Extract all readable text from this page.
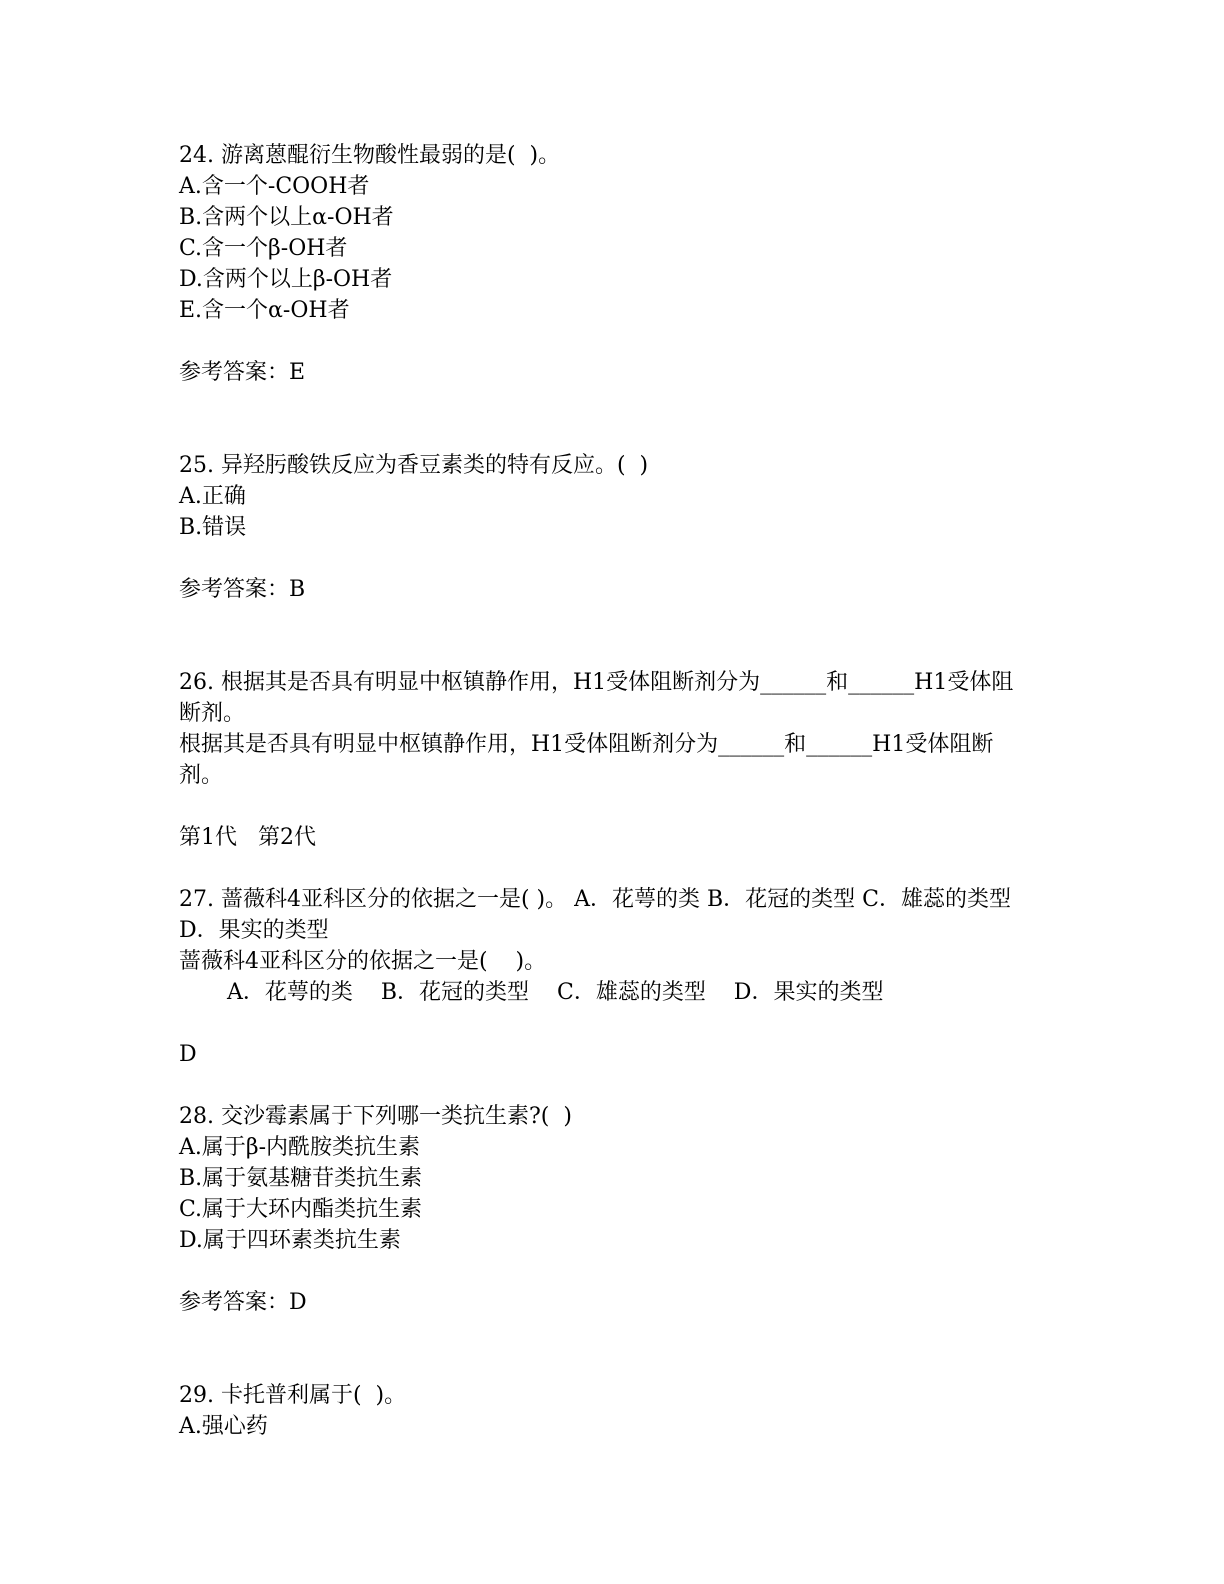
24. 游离蒽醌衍生物酸性最弱的是(  )。

A.含一个-COOH者

B.含两个以上α-OH者

C.含一个β-OH者

D.含两个以上β-OH者

E.含一个α-OH者

参考答案：E

25. 异羟肟酸铁反应为香豆素类的特有反应。(  )

A.正确

B.错误

参考答案：B

26. 根据其是否具有明显中枢镇静作用，H1受体阻断剂分为______和______H1受体阻断剂。

根据其是否具有明显中枢镇静作用，H1受体阻断剂分为______和______H1受体阻断剂。

第1代   第2代

27. 蔷薇科4亚科区分的依据之一是( )。 A．花萼的类 B．花冠的类型 C．雄蕊的类型 D．果实的类型

蔷薇科4亚科区分的依据之一是(    )。

A．花萼的类    B．花冠的类型    C．雄蕊的类型    D．果实的类型

D

28. 交沙霉素属于下列哪一类抗生素?(  )

A.属于β-内酰胺类抗生素

B.属于氨基糖苷类抗生素

C.属于大环内酯类抗生素

D.属于四环素类抗生素

参考答案：D

29. 卡托普利属于(  )。

A.强心药
